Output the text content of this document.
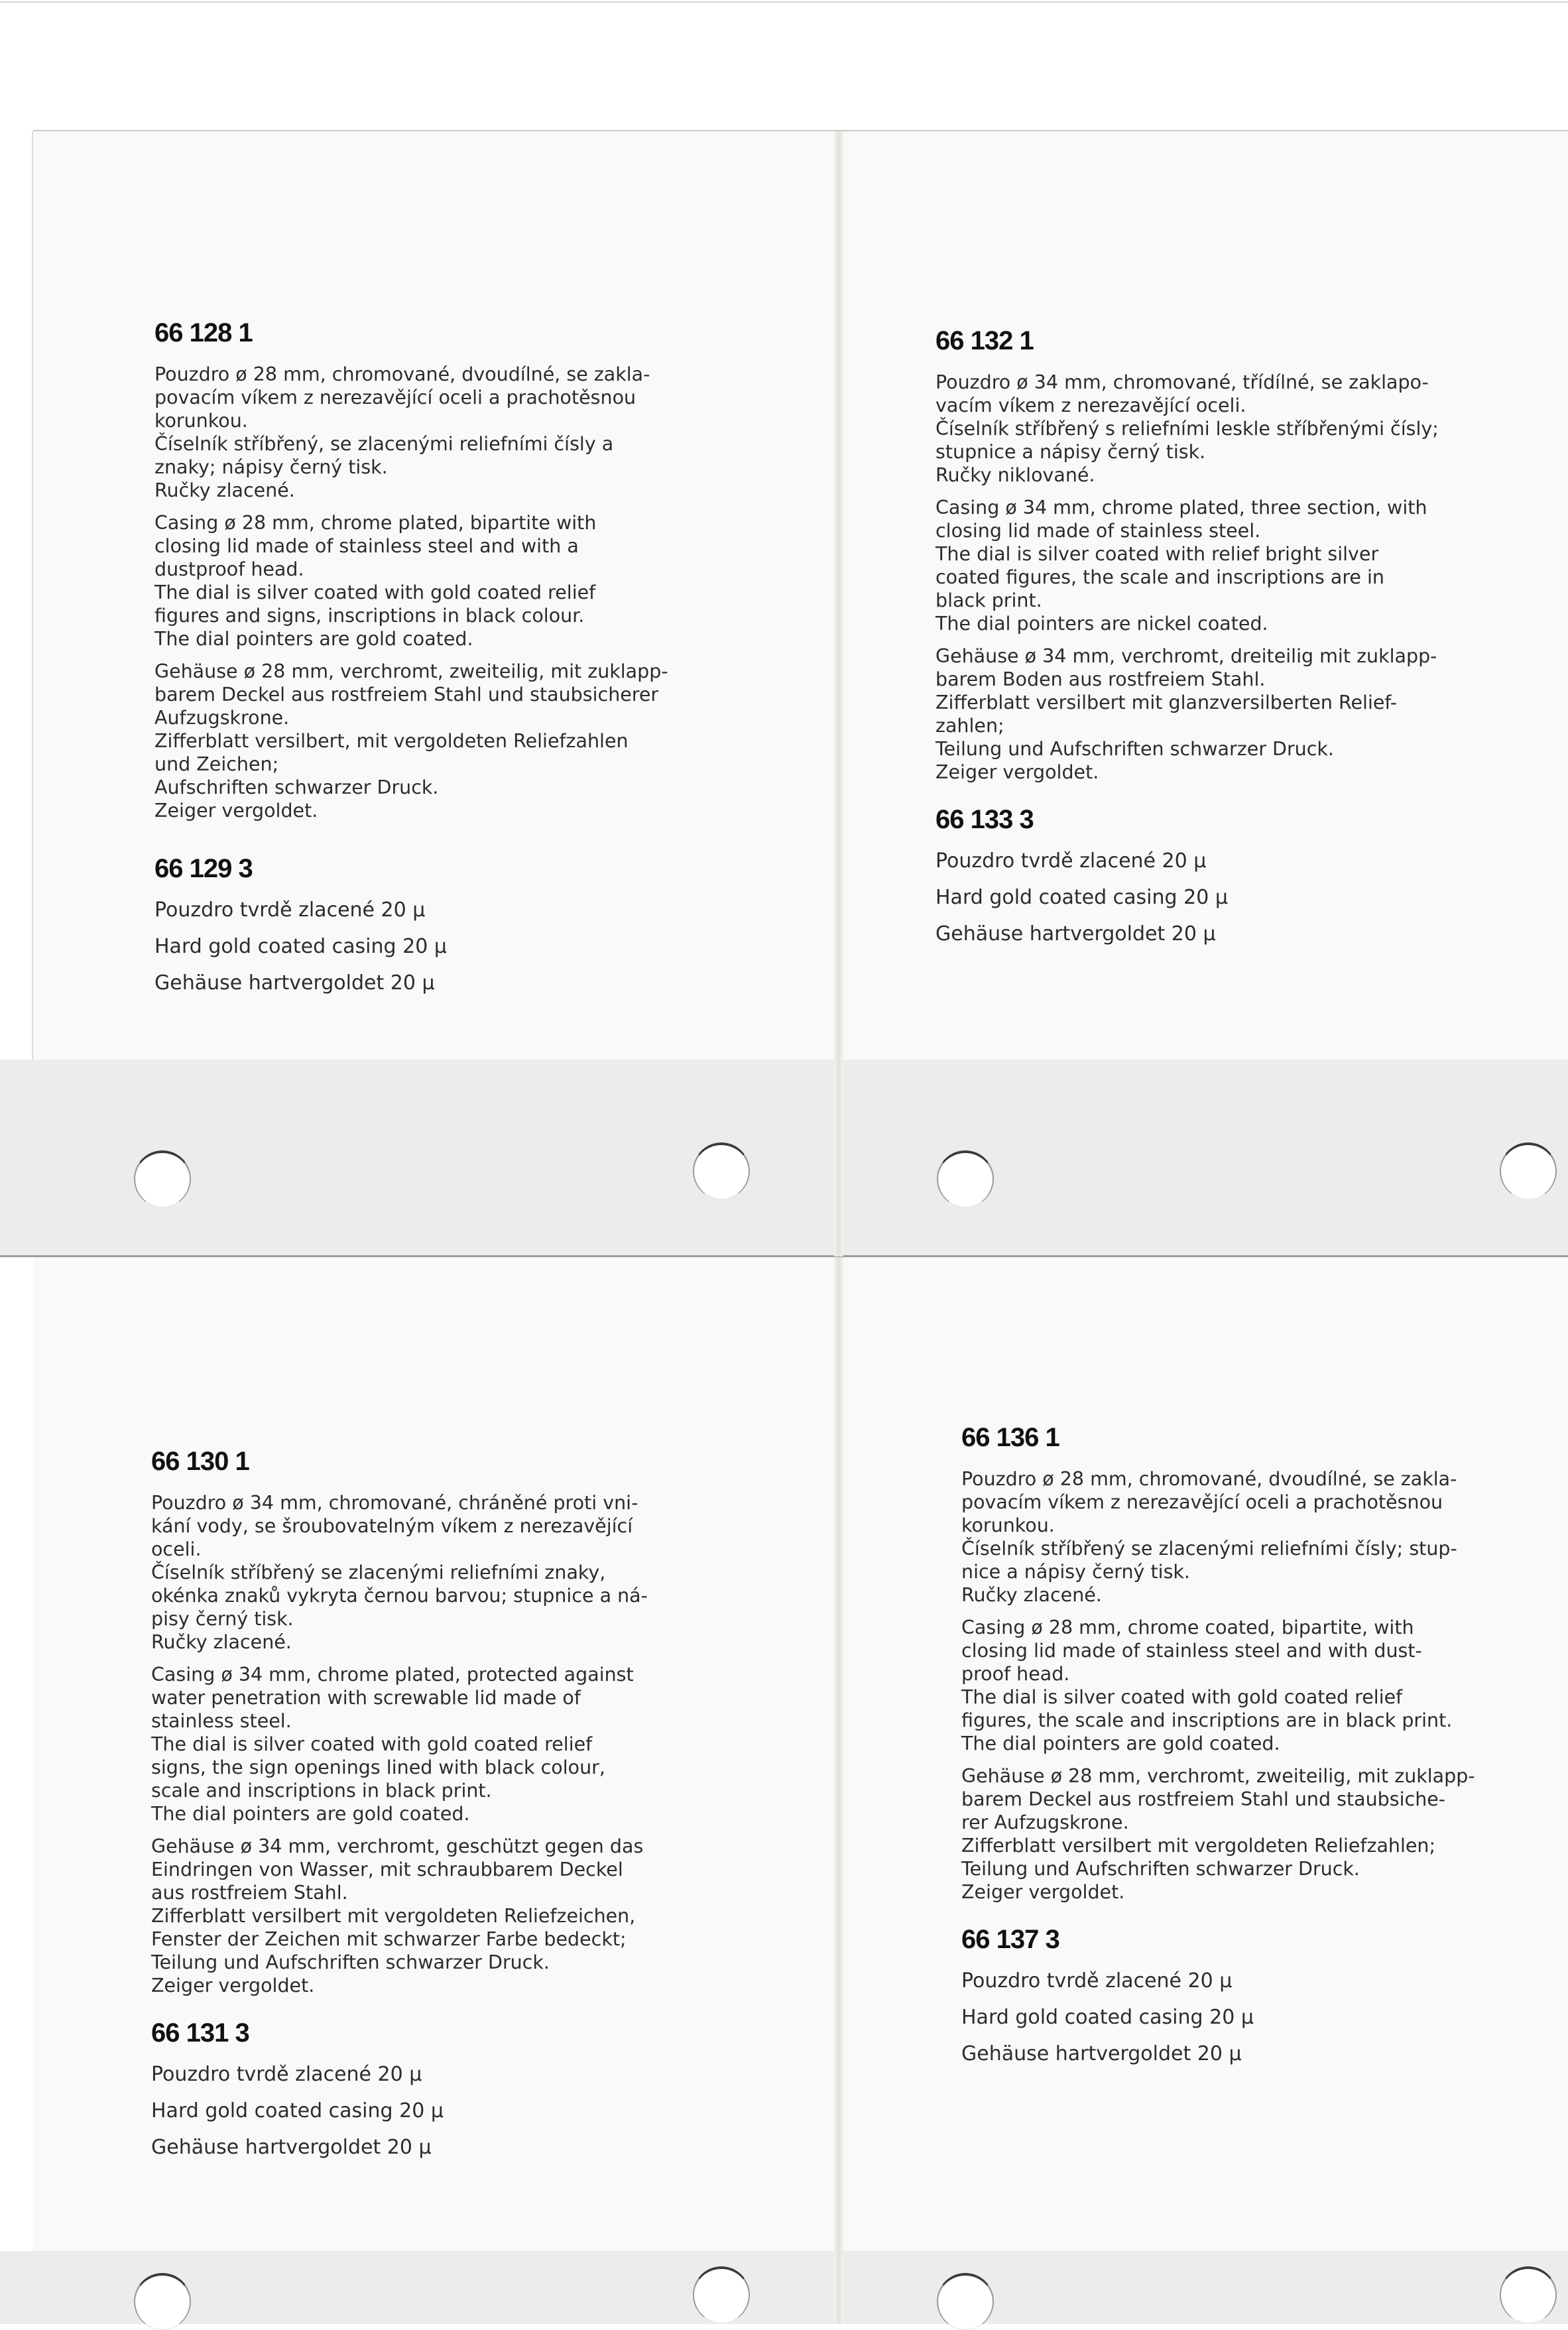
66 128 1
Pouzdro ø 28 mm, chromované, dvoudílné, se zakla-
povacím víkem z nerezavějící oceli a prachotěsnou
korunkou.
Číselník stříbřený, se zlacenými reliefními čísly a
znaky; nápisy černý tisk.
Ručky zlacené.
Casing ø 28 mm, chrome plated, bipartite with
closing lid made of stainless steel and with a
dustproof head.
The dial is silver coated with gold coated relief
figures and signs, inscriptions in black colour.
The dial pointers are gold coated.
Gehäuse ø 28 mm, verchromt, zweiteilig, mit zuklapp-
barem Deckel aus rostfreiem Stahl und staubsicherer
Aufzugskrone.
Zifferblatt versilbert, mit vergoldeten Reliefzahlen
und Zeichen;
Aufschriften schwarzer Druck.
Zeiger vergoldet.
66 129 3
Pouzdro tvrdě zlacené 20 μ
Hard gold coated casing 20 μ
Gehäuse hartvergoldet 20 μ
66 132 1
Pouzdro ø 34 mm, chromované, třídílné, se zaklapo-
vacím víkem z nerezavějící oceli.
Číselník stříbřený s reliefními leskle stříbřenými čísly;
stupnice a nápisy černý tisk.
Ručky niklované.
Casing ø 34 mm, chrome plated, three section, with
closing lid made of stainless steel.
The dial is silver coated with relief bright silver
coated figures, the scale and inscriptions are in
black print.
The dial pointers are nickel coated.
Gehäuse ø 34 mm, verchromt, dreiteilig mit zuklapp-
barem Boden aus rostfreiem Stahl.
Zifferblatt versilbert mit glanzversilberten Relief-
zahlen;
Teilung und Aufschriften schwarzer Druck.
Zeiger vergoldet.
66 133 3
Pouzdro tvrdě zlacené 20 μ
Hard gold coated casing 20 μ
Gehäuse hartvergoldet 20 μ
66 130 1
Pouzdro ø 34 mm, chromované, chráněné proti vni-
kání vody, se šroubovatelným víkem z nerezavějící
oceli.
Číselník stříbřený se zlacenými reliefními znaky,
okénka znaků vykryta černou barvou; stupnice a ná-
pisy černý tisk.
Ručky zlacené.
Casing ø 34 mm, chrome plated, protected against
water penetration with screwable lid made of
stainless steel.
The dial is silver coated with gold coated relief
signs, the sign openings lined with black colour,
scale and inscriptions in black print.
The dial pointers are gold coated.
Gehäuse ø 34 mm, verchromt, geschützt gegen das
Eindringen von Wasser, mit schraubbarem Deckel
aus rostfreiem Stahl.
Zifferblatt versilbert mit vergoldeten Reliefzeichen,
Fenster der Zeichen mit schwarzer Farbe bedeckt;
Teilung und Aufschriften schwarzer Druck.
Zeiger vergoldet.
66 131 3
Pouzdro tvrdě zlacené 20 μ
Hard gold coated casing 20 μ
Gehäuse hartvergoldet 20 μ
66 136 1
Pouzdro ø 28 mm, chromované, dvoudílné, se zakla-
povacím víkem z nerezavějící oceli a prachotěsnou
korunkou.
Číselník stříbřený se zlacenými reliefními čísly; stup-
nice a nápisy černý tisk.
Ručky zlacené.
Casing ø 28 mm, chrome coated, bipartite, with
closing lid made of stainless steel and with dust-
proof head.
The dial is silver coated with gold coated relief
figures, the scale and inscriptions are in black print.
The dial pointers are gold coated.
Gehäuse ø 28 mm, verchromt, zweiteilig, mit zuklapp-
barem Deckel aus rostfreiem Stahl und staubsiche-
rer Aufzugskrone.
Zifferblatt versilbert mit vergoldeten Reliefzahlen;
Teilung und Aufschriften schwarzer Druck.
Zeiger vergoldet.
66 137 3
Pouzdro tvrdě zlacené 20 μ
Hard gold coated casing 20 μ
Gehäuse hartvergoldet 20 μ
